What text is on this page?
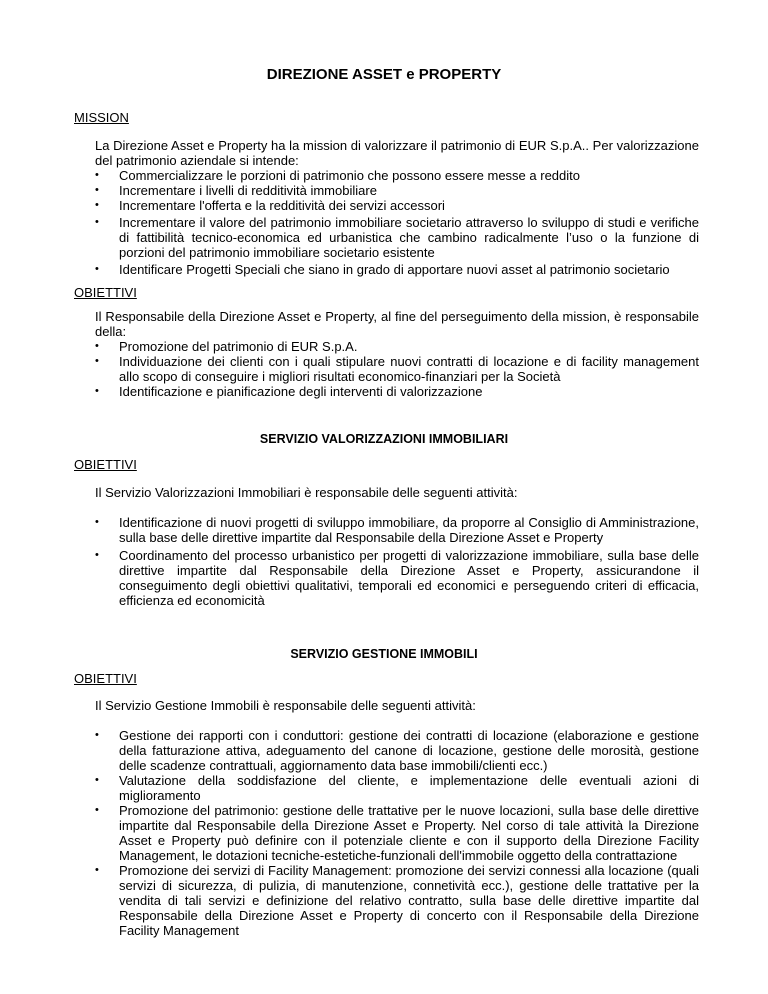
DIREZIONE ASSET e PROPERTY
MISSION

La Direzione Asset e Property ha la mission di valorizzare il patrimonio di EUR S.p.A.. Per valorizzazione del patrimonio aziendale si intende:

•	Commercializzare le porzioni di patrimonio che possono essere messe a reddito
•	Incrementare i livelli di redditività immobiliare
•	Incrementare l'offerta e la redditività dei servizi accessori
•	Incrementare il valore del patrimonio immobiliare societario attraverso lo sviluppo di studi e verifiche di fattibilità tecnico-economica ed urbanistica che cambino radicalmente l’uso o la funzione di porzioni del patrimonio immobiliare societario esistente
•	Identificare Progetti Speciali che siano in grado di apportare nuovi asset al patrimonio societario
OBIETTIVI

Il Responsabile della Direzione Asset e Property, al fine del perseguimento della mission, è responsabile della:

•	Promozione del patrimonio di EUR S.p.A.
•	Individuazione dei clienti con i quali stipulare nuovi contratti di locazione e di facility management allo scopo di conseguire i migliori risultati economico-finanziari per la Società
•	Identificazione e pianificazione degli interventi di valorizzazione
SERVIZIO VALORIZZAZIONI IMMOBILIARI
OBIETTIVI

Il Servizio Valorizzazioni Immobiliari è responsabile delle seguenti attività:

•	Identificazione di nuovi progetti di sviluppo immobiliare, da proporre al Consiglio di Amministrazione, sulla base delle direttive impartite dal Responsabile della Direzione Asset e Property
•	Coordinamento del processo urbanistico per progetti di valorizzazione immobiliare, sulla base delle direttive impartite dal Responsabile della Direzione Asset e Property, assicurandone il conseguimento degli obiettivi qualitativi, temporali ed economici e perseguendo criteri di efficacia, efficienza ed economicità
SERVIZIO GESTIONE IMMOBILI
OBIETTIVI

Il Servizio Gestione Immobili è responsabile delle seguenti attività:

•	Gestione dei rapporti con i conduttori: gestione dei contratti di locazione (elaborazione e gestione della fatturazione attiva, adeguamento del canone di locazione, gestione delle morosità, gestione delle scadenze contrattuali, aggiornamento data base immobili/clienti ecc.)
•	Valutazione della soddisfazione del cliente, e implementazione delle eventuali azioni di miglioramento
•	Promozione del patrimonio: gestione delle trattative per le nuove locazioni, sulla base delle direttive impartite dal Responsabile della Direzione Asset e Property. Nel corso di tale attività la Direzione Asset e Property può definire con il potenziale cliente e con il supporto della Direzione Facility Management, le dotazioni tecniche-estetiche-funzionali dell'immobile oggetto della contrattazione
•	Promozione dei servizi di Facility Management: promozione dei servizi connessi alla locazione (quali servizi di sicurezza, di pulizia, di manutenzione, connetività ecc.), gestione delle trattative per la vendita di tali servizi e definizione del relativo contratto, sulla base delle direttive impartite dal Responsabile della Direzione Asset e Property di concerto con il Responsabile della Direzione Facility Management
